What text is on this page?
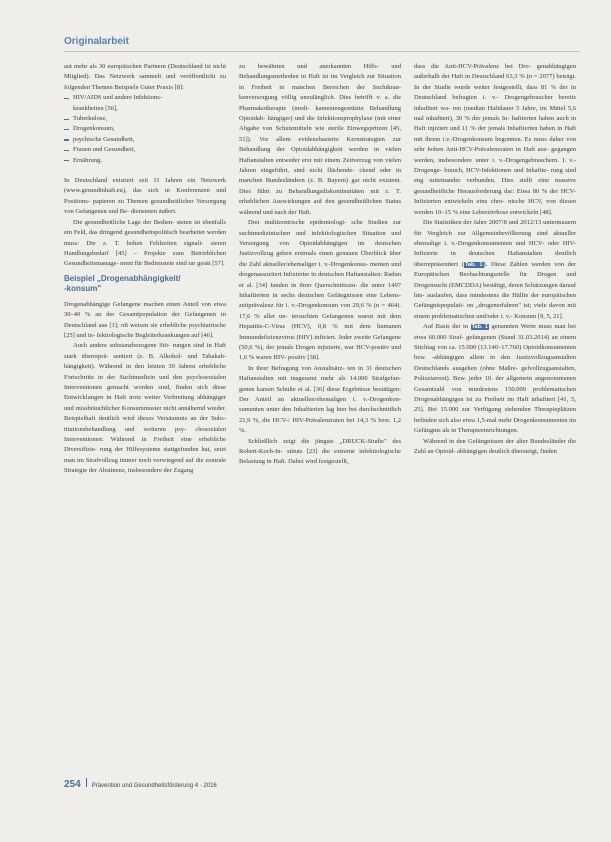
Originalarbeit

aut mehr als 30 europäischen Partnern (Deutschland ist nicht Mitglied). Das Netzwerk sammelt und veröffentlicht zu folgenden Themen Beispiele Guter Praxis [8]:

HIV/AIDS und andere Infektions-
krankheiten [56],
Tuberkulose,
Drogenkonsum,
psychische Gesundheit,
Frauen und Gesundheit,
Ernährung.

In Deutschland existiert seit 11 Jahren ein Netzwerk (www.gesundinhaft.eu), das sich in Konferenzen und Positions- papieren zu Themen gesundheitlicher Versorgung von Gefangenen und Be- diensteten äußert.

Die gesundheitliche Lage der Bedien- steten ist ebenfalls ein Feld, das dringend gesundheitspolitisch bearbeitet werden muss: Die z. T. hohen Fehlzeiten signali- sieren Handlungsbedarf [45] – Projekte zum Betrieblichen Gesundheitsmanage- ment für Bedienstete sind rar gesät [57].

Beispiel „Drogenabhängigkeit/
-konsum"

Drogenabhängige Gefangene machen einen Anteil von etwa 30–40 % an der Gesamtpopulation der Gefangenen in Deutschland aus [1]; oft weisen sie erhebliche psychiatrische [25] und in- fektiologische Begleiterkrankungen auf [46].

Auch andere substanzbezogene Stö- rungen sind in Haft stark überreprä- sentiert (z. B. Alkohol- und Tabakab- hängigkeit). Während in den letzten 30 Jahren erhebliche Fortschritte in der Suchtmedizin und den psychosozialen Interventionen gemacht worden sind, finden sich diese Entwicklungen in Haft trotz weiter Verbreitung abhängiger und missbräuchlicher Konsummuster nicht annähernd wieder. Beispielhaft deutlich wird dieses Versäumnis an der Subs- titutionsbehandlung und weiteren psy- chosozialen Interventionen: Während in Freiheit eine erhebliche Diversifizie- rung der Hilfesysteme stattgefunden hat, setzt man im Strafvollzug immer noch vorwiegend auf die zentrale Strategie der Abstinenz, insbesondere der Zugang

zu bewährten und anerkannten Hilfs- und Behandlungsmethoden in Haft ist im Vergleich zur Situation in Freiheit in manchen Bereichen der Suchtkran- kenversorgung völlig unzulänglich. Dies betrifft v. a. die Pharmakotherapie (medi- kamentengestützte Behandlung Opioidab- hängiger) und die Infektionsprophylaxe (mit einer Abgabe von Schutzmitteln wie sterile Einwegspritzen [45, 51]). Vor allem evidenzbasierte Kernstrategien zur Behandlung der Opioidabhängigkeit werden in vielen Haftanstalten entweder erst mit einem Zeitverzug von vielen Jahren eingeführt, sind nicht flächende- ckend oder in manchen Bundesländern (z. B. Bayern) gar nicht existent. Dies führt zu Behandlungsdiskontinuitäten mit z. T. erheblichen Auswirkungen auf den gesundheitlichen Status während und nach der Haft.

Drei multizentrische epidemiologi- sche Studien zur suchtmedizinischen und infektiologischen Situation und Versorgung von Opioidabhängigen im deutschen Justizvollzug geben erstmals einen genauen Überblick über die Zahl aktueller/ehemaliger i. v.-Drogenkonsu- menten und drogenassoziiert Infizierter in deutschen Haftanstalten: Radun et al. [34] fanden in ihrer Querschnittsstu- die unter 1497 Inhaftierten in sechs deutschen Gefängnissen eine Lebens- zeitprävalenz für i. v.-Drogenkonsum von 29,6 % (n = 464). 17,6 % aller un- tersuchten Gefangenen waren mit dem Hepatitis-C-Virus (HCV), 0,8 % mit dem humanen Immundefizienzvirus (HIV) infiziert. Jeder zweite Gefangene (50,6 %), der jemals Drogen injizierte, war HCV-positiv und 1,6 % waren HIV- positiv [38].

In ihrer Befragung von Anstaltsärz- ten in 31 deutschen Haftanstalten mit insgesamt mehr als 14.000 Strafgefan- genen kamen Schulte et al. [36] diese Ergebnisse bestätigen: Der Anteil an aktuellen/ehemaligen i. v.-Drogenkon- sumenten unter den Inhaftierten lag hier bei durchschnittlich 21,9 %, die HCV-/ HIV-Prävalenzraten bei 14,3 % bzw. 1,2 %.

Schließlich zeigt die jüngste „DRUCK-Studie" des Robert-Koch-In- stituts [23] die extreme infektiologische Belastung in Haft. Dabei wird festgestellt,

dass die Anti-HCV-Prävalenz bei Dro- genabhängigen außerhalb der Haft in Deutschland 63,3 % (n = 2077) beträgt. In der Studie wurde weiter festgestellt, dass 81 % der in Deutschland befragten i. v.- Drogengebraucher bereits inhaftiert wa- ren (median Haftdauer 5 Jahre, im Mittel 5,6 mal inhaftiert), 30 % der jemals In- haftierten haben auch in Haft injiziert und 11 % der jemals Inhaftierten haben in Haft mit ihrem i.v.-Drogenkonsum begonnen. Es muss daher von sehr hohen Anti-HCV-Prävalenzraten in Haft aus- gegangen werden, insbesondere unter i. v.-Drogengebrauchern. I. v.-Drogenge- brauch, HCV-Infektionen und Inhaftie- rung sind eng miteinander verbunden. Dies stellt eine massive gesundheitliche Herausforderung dar: Etwa 80 % der HCV-Infizierten entwickeln eine chro- nische HCV, von diesen werden 10–15 % eine Leberzirrhose entwickeln [48].

Die Statistiken der Jahre 2007/8 und 2012/13 untermauern für Vergleich zur Allgemeinbevölkerung sind aktueller ehemalige i. v.-Drogenkonsumenten und HCV- oder HIV-Infizierte in deutschen Haftanstalten deutlich überrepräsentiert (Tab. 1). Diese Zahlen werden von der Europäischen Beobachtungsstelle für Drogen und Drogensucht (EMCDDA) bestätigt, deren Schätzungen darauf hin- auslaufen, dass mindestens die Hälfte der europäischen Gefängnispopulati- on „drogenerfahren" ist; viele davon mit einem problematischen und/oder i. v.- Konsum [9, 5, 21].

Auf Basis der in Tab. 1 genannten Werte muss man bei etwa 60.000 Straf- gefangenen (Stand 31.03.2014) an einem Stichtag von ca. 15.000 (13.140–17.760) Opioidkonsumenten bzw. -abhängigen allein in den Justizvollzugsanstalten Deutschlands ausgehen (ohne Maßre- gelvollzugsanstalten, Polizeiarrest). Bzw. jeder 10. der allgemein angenommenen Gesamtzahl von mindestens 150.000 problematischen Drogenabhängigen ist zu Freiheit im Haft inhaftiert [41, 5, 25]. Bei 15.000 zur Verfügung stehenden Therapieplätzen befinden sich also etwa 1,5-mal mehr Drogenkonsumenten im Gefängnis als in Therapieeinrichtungen.

Während in den Gefängnissen der alter Bundesländer die Zahl an Opioid- abhängigen deutlich übersteigt, finden

254 Prävention und Gesundheitsförderung 4 · 2016
